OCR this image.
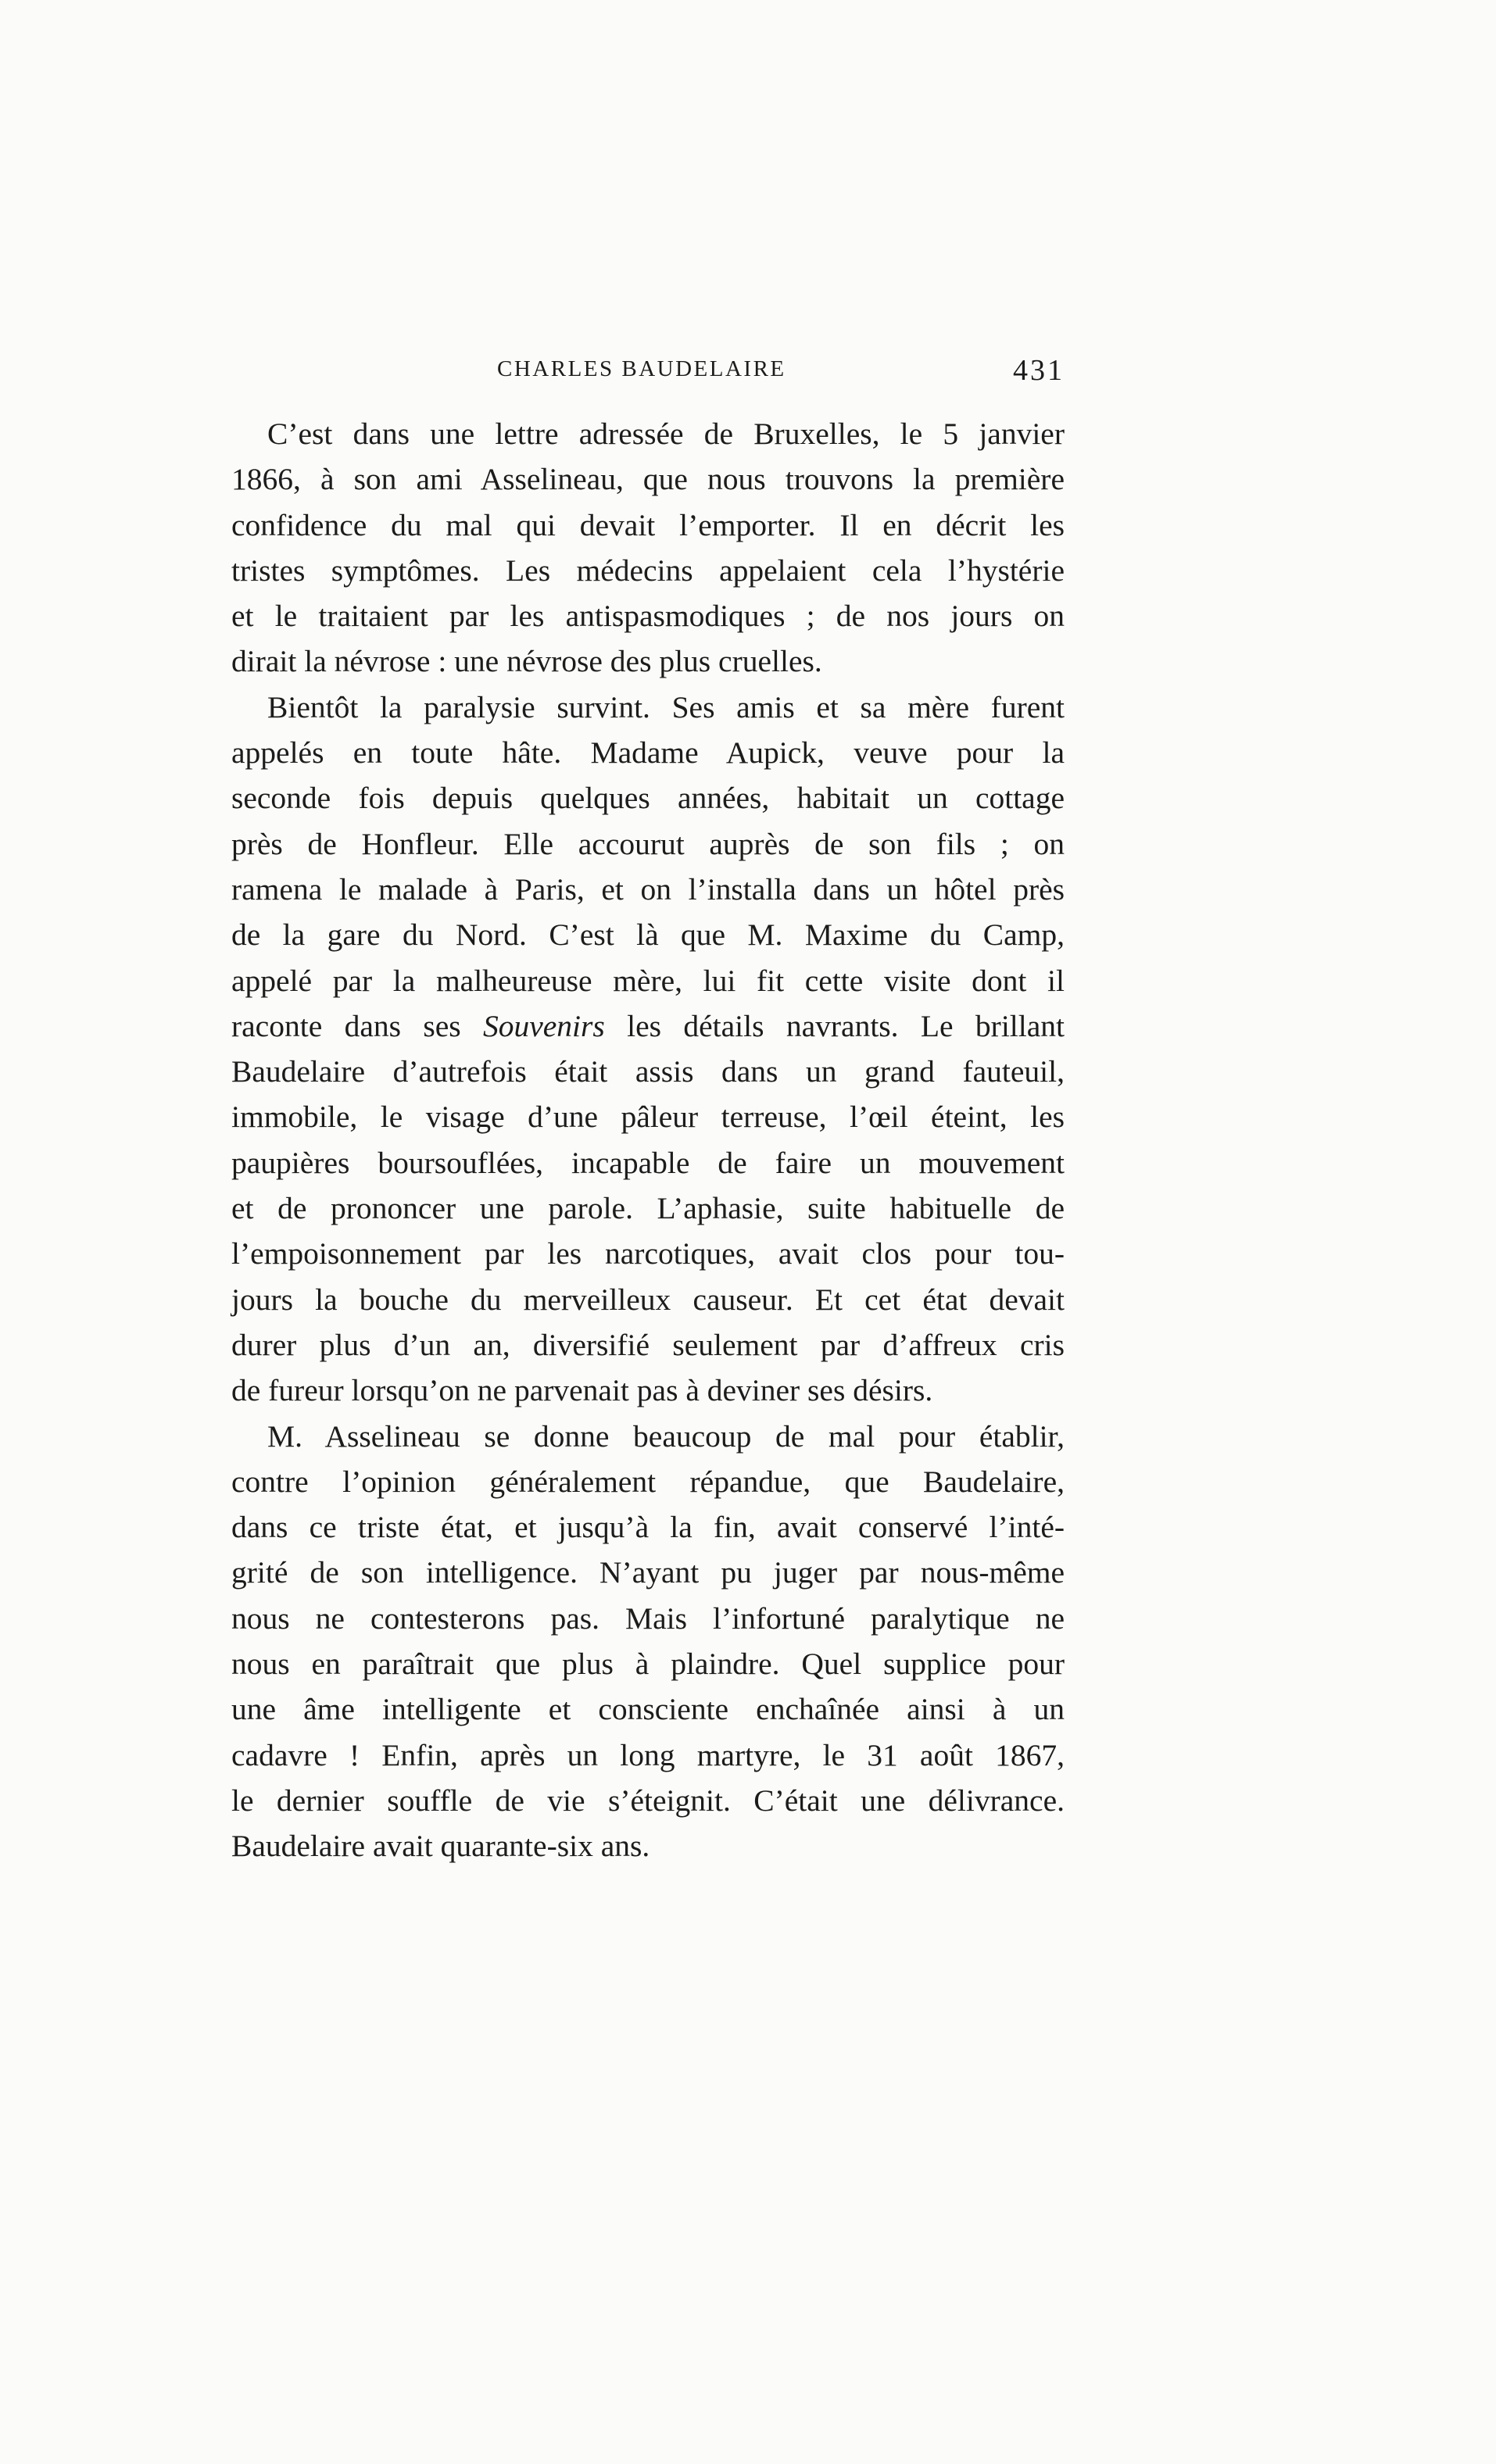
CHARLES BAUDELAIRE	431

C’est dans une lettre adressée de Bruxelles, le 5 janvier
1866, à son ami Asselineau, que nous trouvons la première
confidence du mal qui devait l’emporter. Il en décrit les
tristes symptômes. Les médecins appelaient cela l’hystérie
et le traitaient par les antispasmodiques ; de nos jours on
dirait la névrose : une névrose des plus cruelles.

Bientôt la paralysie survint. Ses amis et sa mère furent
appelés en toute hâte. Madame Aupick, veuve pour la
seconde fois depuis quelques années, habitait un cottage
près de Honfleur. Elle accourut auprès de son fils ; on
ramena le malade à Paris, et on l’installa dans un hôtel près
de la gare du Nord. C’est là que M. Maxime du Camp,
appelé par la malheureuse mère, lui fit cette visite dont il
raconte dans ses Souvenirs les détails navrants. Le brillant
Baudelaire d’autrefois était assis dans un grand fauteuil,
immobile, le visage d’une pâleur terreuse, l’œil éteint, les
paupières boursouflées, incapable de faire un mouvement
et de prononcer une parole. L’aphasie, suite habituelle de
l’empoisonnement par les narcotiques, avait clos pour tou-
jours la bouche du merveilleux causeur. Et cet état devait
durer plus d’un an, diversifié seulement par d’affreux cris
de fureur lorsqu’on ne parvenait pas à deviner ses désirs.

M. Asselineau se donne beaucoup de mal pour établir,
contre l’opinion généralement répandue, que Baudelaire,
dans ce triste état, et jusqu’à la fin, avait conservé l’inté-
grité de son intelligence. N’ayant pu juger par nous-même
nous ne contesterons pas. Mais l’infortuné paralytique ne
nous en paraîtrait que plus à plaindre. Quel supplice pour
une âme intelligente et consciente enchaînée ainsi à un
cadavre ! Enfin, après un long martyre, le 31 août 1867,
le dernier souffle de vie s’éteignit. C’était une délivrance.
Baudelaire avait quarante-six ans.
